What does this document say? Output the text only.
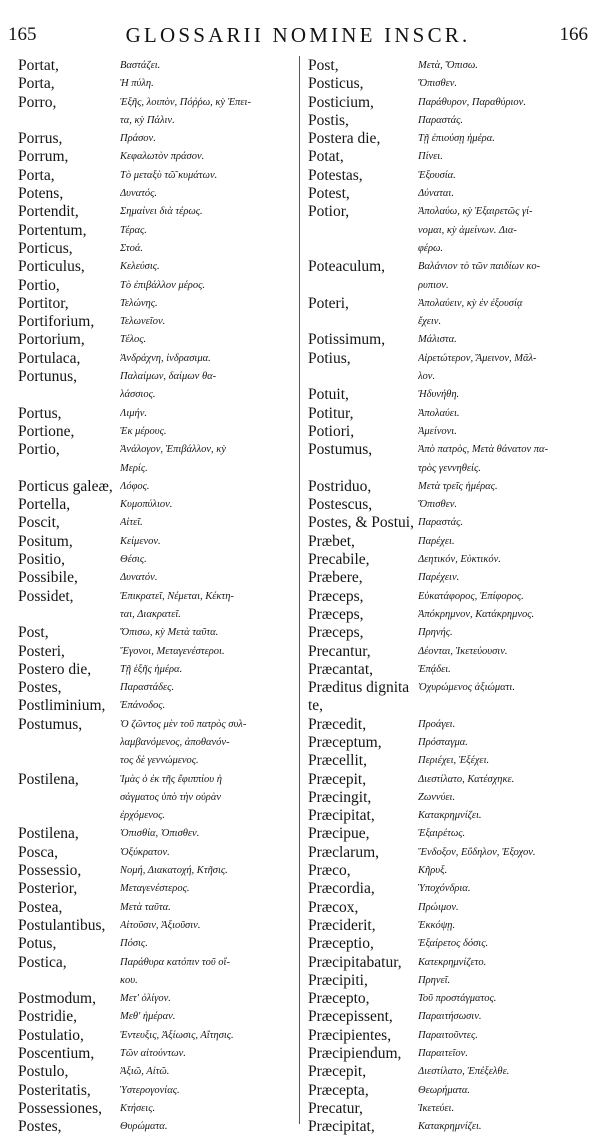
165	GLOSSARII NOMINE INSCR.	166
Portat,	Βαστάζει.
Porta,	Ἡ πύλη.
Porro,	Ἑξῆς, λοιπὸν, Πόῤῥω, κỳ Ἐπει-
τα, κỳ Πάλιν.
Porrus,	Πράσον.
Porrum,	Κεφαλωτὸν πράσον.
Porta,	Τὸ μεταξὺ τῶ͂ κυμάτων.
Potens,	Δυνατός.
Portendit,	Σημαίνει διὰ τέρως.
Portentum,	Τέρας.
Porticus,	Στοά.
Porticulus,	Κελεύσις.
Portio,	Τὸ ἐπιβάλλον μέρος.
Portitor,	Τελώνης.
Portiforium,	Τελωνεῖον.
Portorium,	Τέλος.
Portulaca,	Ἀνδράχνη, ἰνδρασιμα.
Portunus,	Παλαίμων, δαίμων θα-
λάσσιος.
Portus,	Λιμήν.
Portione,	Ἐκ μέρους.
Portio,	Ἀνάλογον, Ἐπιβάλλον, κỳ
Μερίς.
Porticus galeæ, Λόφος.
Portella,	Κυμοπύλιον.
Poscit,	Αἰτεῖ.
Positum,	Κείμενον.
Positio,	Θέσις.
Possibile,	Δυνατόν.
Possidet,	Ἐπικρατεῖ, Νέμεται, Κέκτη-
ται, Διακρατεῖ.
Post,	Ὄπισω, κỳ Μετὰ ταῦτα.
Posteri,	Ἔγονοι, Μεταγενέστεροι.
Postero die,	Τῇ ἑξῆς ἡμέρα.
Postes,	Παραστάδες.
Postliminium,	Ἐπάνοδος.
Postumus,	Ὁ ζῶντος μὲν τοῦ πατρὸς συλ-
λαμβανόμενος, ἀποθανόν-
τος δὲ γεννώμενος.
Postilena,	Ἱμὰς ὁ ἐκ τῆς ἔφιππίου ἡ
σάγματος ὑπὸ τὴν οὐρὰν
ἐρχόμενος.
Postilena,	Ὀπισθία, Ὀπισθεν.
Posca,	Ὀξύκρατον.
Possessio,	Νομή, Διακατοχή, Κτῆσις.
Posterior,	Μεταγενέστερος.
Postea,	Μετὰ ταῦτα.
Postulantibus,	Αἰτοῦσιν, Ἀξιοῦσιν.
Potus,	Πόσις.
Postica,	Παράθυρα κατόπιν τοῦ οἴ-
κου.
Postmodum,	Μετ' ὀλίγον.
Postridie,	Μεθ' ἡμέραν.
Postulatio,	Ἐντευξις, Ἀξίωσις, Αἴτησις.
Poscentium,	Τῶν αἰτούντων.
Postulo,	Ἀξιῶ, Αἰτῶ.
Posteritatis,	Ὑστερογονίας.
Possessiones,	Κτήσεις.
Postes,	Θυρώματα.
Post,	Μετὰ, Ὄπισω.
Posticus,	Ὄπισθεν.
Posticium,	Παράθυρον, Παραθύριον.
Postis,	Παραστάς.
Postera die,	Τῇ ἐπιούσῃ ἡμέρα.
Potat,	Πίνει.
Potestas,	Ἐξουσία.
Potest,	Δύναται.
Potior,	Ἀπολαύω, κỳ Ἐξαιρετῶς γί-
νομαι, κỳ ἀμείνων. Δια-
φέρω.
Poteaculum,	Βαλάνιον τὸ τῶν παιδίων κο-
ρυπιον.
Poteri,	Ἀπολαύειν, κỳ ἐν ἐξουσίᾳ
ἔχειν.
Potissimum,	Μάλιστα.
Potius,	Αἱρετώτερον, Ἄμεινον, Μᾶλ-
λον.
Potuit,	Ἠδυνήθη.
Potitur,	Ἀπολαύει.
Potiori,	Ἀμείνονι.
Postumus,	Ἀπὸ πατρὸς, Μετὰ θάνατον πα-
τρὸς γεννηθείς.
Postriduo,	Μετὰ τρεῖς ἡμέρας.
Postescus,	Ὄπισθεν.
Postes, & Postui, Παραστάς.
Præbet,	Παρέχει.
Precabile,	Δεητικόν, Εὐκτικόν.
Præbere,	Παρέχειν.
Præceps,	Εὐκατάφορος, Ἐπίφορος.
Præceps,	Ἀπόκρημνον, Κατάκρημνος.
Præceps,	Πρηνής.
Precantur,	Δέονται, Ἱκετεύουσιν.
Præcantat,	Ἐπᾴδει.
Præditus dignita Ὀχυρώμενος ἀξιώματι.
te,
Præcedit,	Προάγει.
Præceptum,	Πρόσταγμα.
Præcellit,	Περιέχει, Ἐξέχει.
Præcepit,	Διεστίλατο, Κατέσχηκε.
Præcingit,	Ζωννύει.
Præcipitat,	Κατακρημνίζει.
Præcipue,	Ἐξαιρέτως.
Præclarum,	Ἔνδοξον, Εὔδηλον, Ἐξοχον.
Præco,	Κῆρυξ.
Præcordia,	Ὑποχόνδρια.
Præcox,	Πρώιμον.
Præciderit,	Ἐκκόψῃ.
Præceptio,	Ἐξαίρετος δόσις.
Præcipitabatur,	Κατεκρημνίζετο.
Præcipiti,	Πρηνεῖ.
Præcepto,	Τοῦ προστάγματος.
Præcepissent,	Παραιτήσωσιν.
Præcipientes,	Παραιτοῦντες.
Præcipiendum,	Παραιτεῖον.
Præcepit,	Διεστίλατο, Ἐπέξελθε.
Præcepta,	Θεωρήματα.
Precatur,	Ἱκετεύει.
Præcipitat,	Κατακρημνίζει.
